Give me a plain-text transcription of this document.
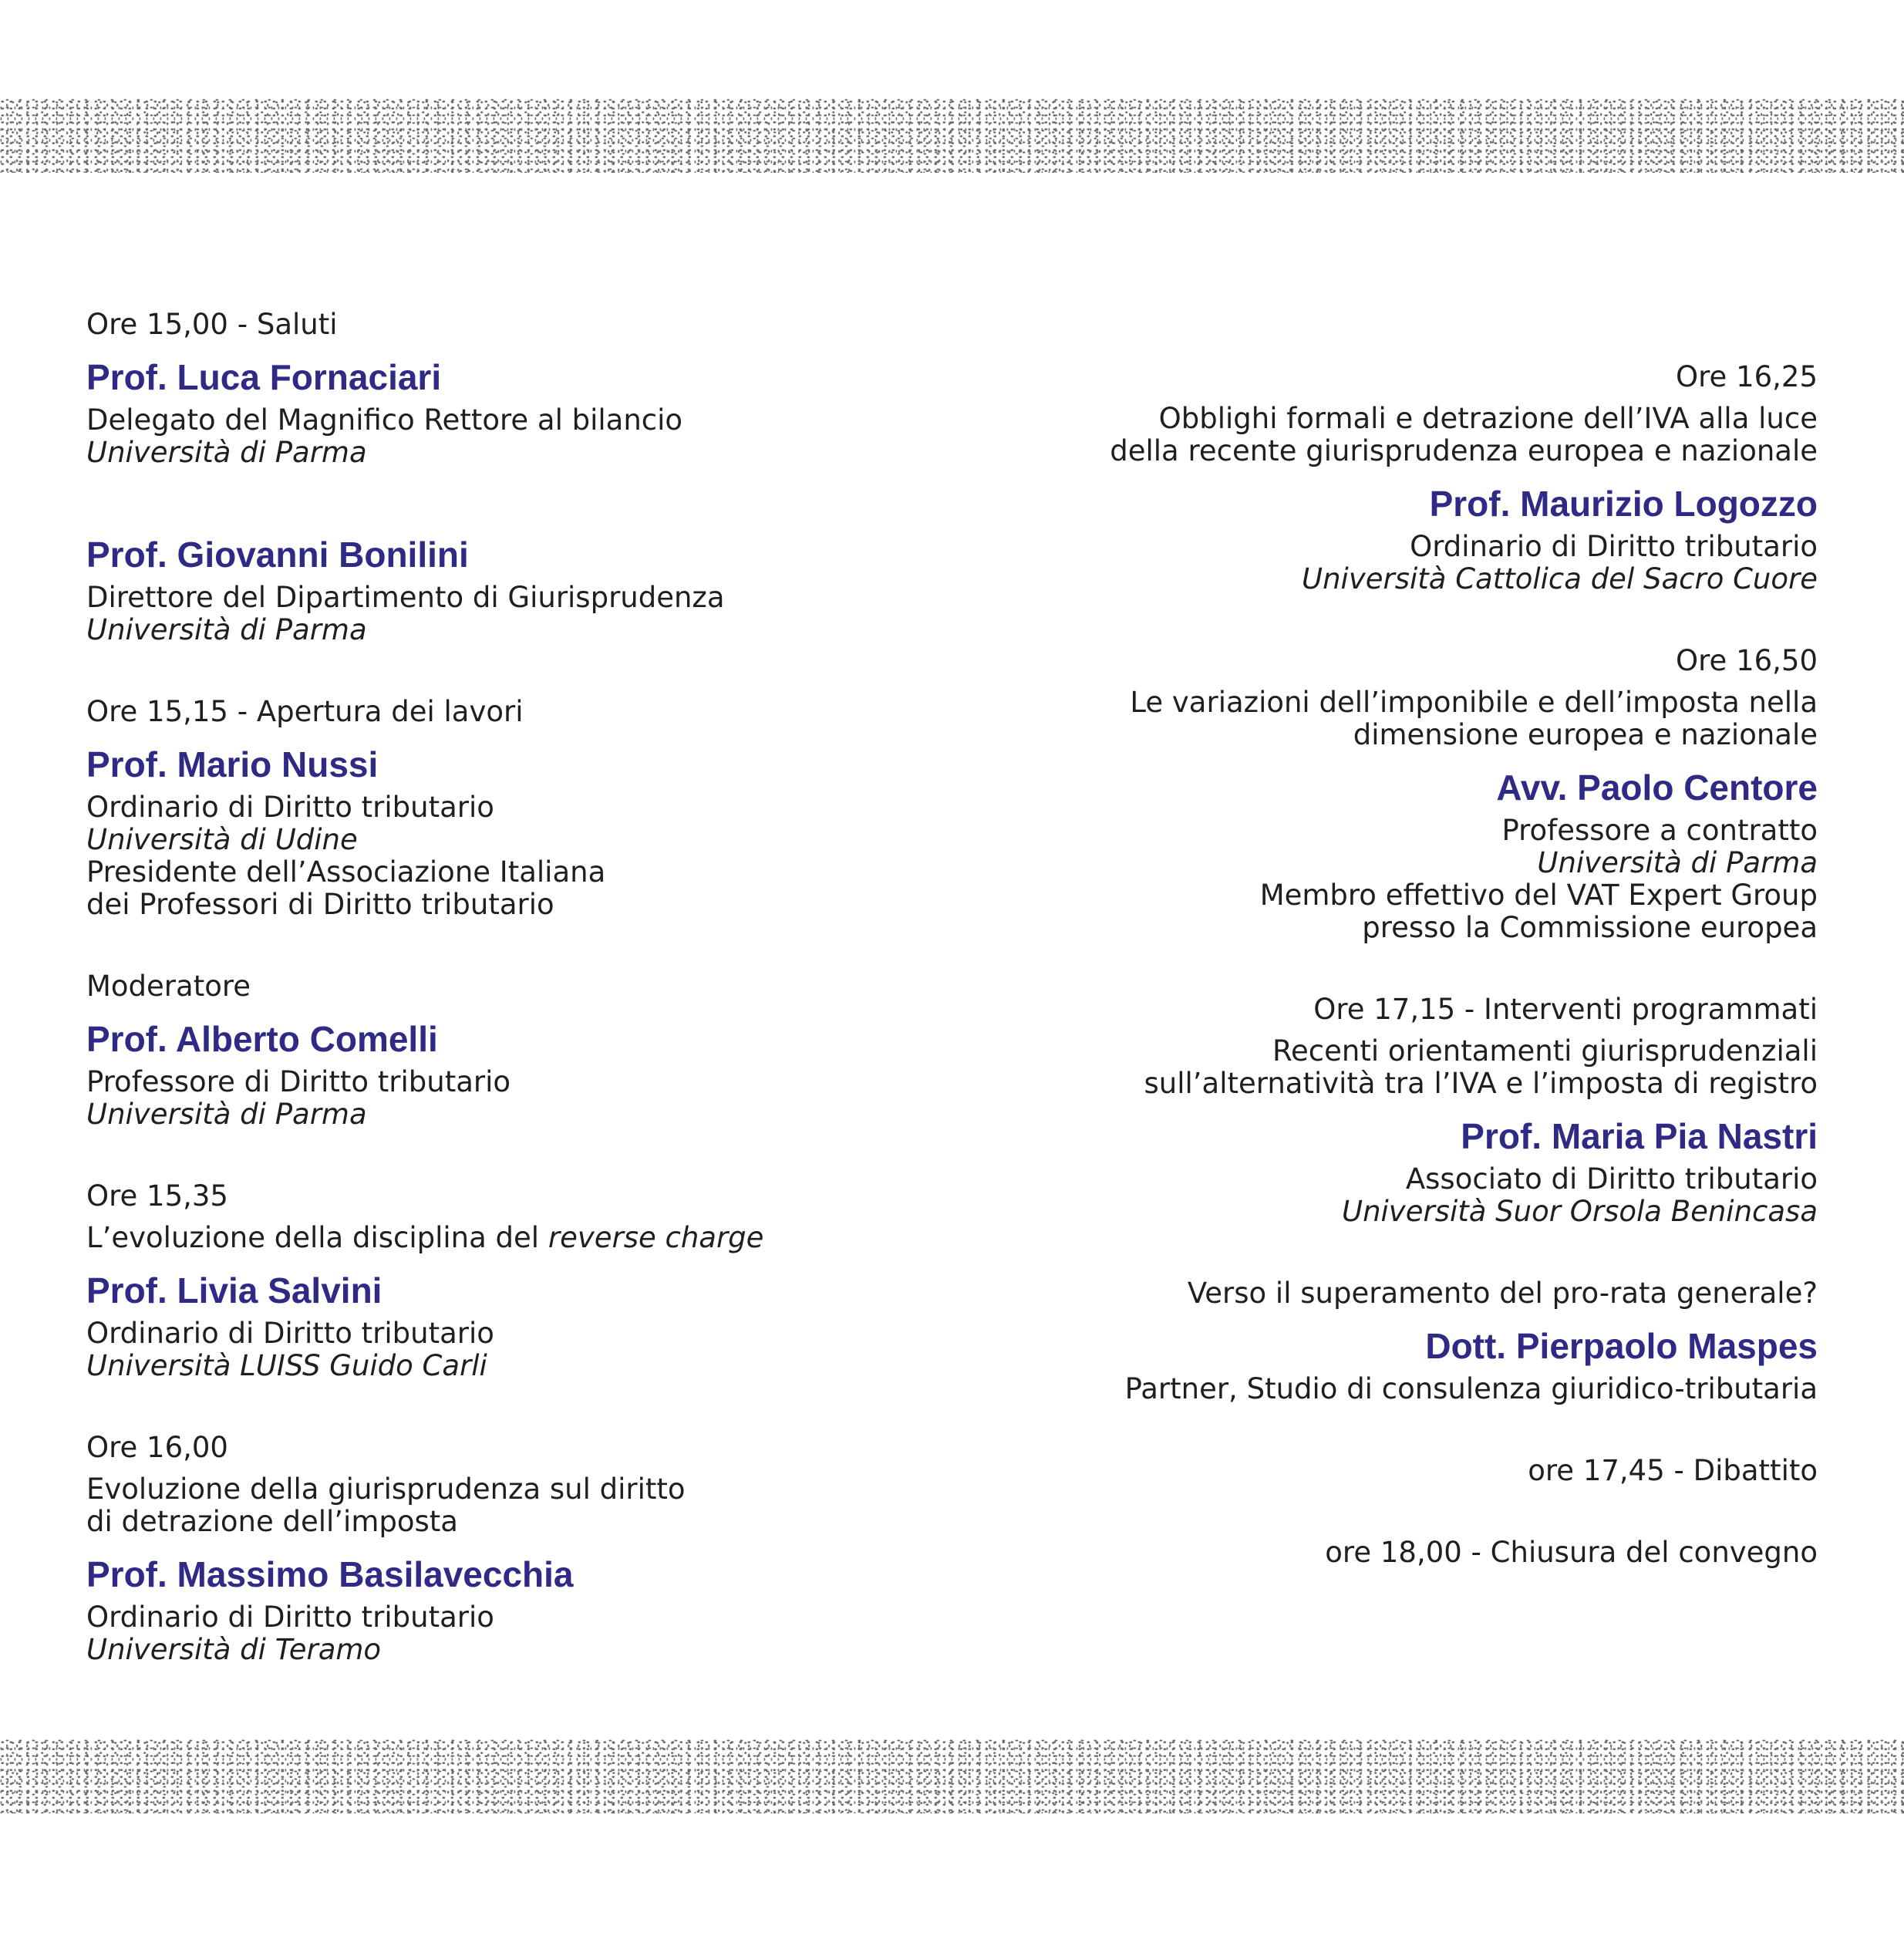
Ore 15,00 - Saluti

Prof. Luca Fornaciari

Delegato del Magnifico Rettore al bilancio

Università di Parma

Prof. Giovanni Bonilini

Direttore del Dipartimento di Giurisprudenza

Università di Parma

Ore 15,15 - Apertura dei lavori

Prof. Mario Nussi

Ordinario di Diritto tributario

Università di Udine

Presidente dell’Associazione Italiana

dei Professori di Diritto tributario

Moderatore

Prof. Alberto Comelli

Professore di Diritto tributario

Università di Parma

Ore 15,35

L’evoluzione della disciplina del reverse charge

Prof. Livia Salvini

Ordinario di Diritto tributario

Università LUISS Guido Carli

Ore 16,00

Evoluzione della giurisprudenza sul diritto

di detrazione dell’imposta

Prof. Massimo Basilavecchia

Ordinario di Diritto tributario

Università di Teramo

Ore 16,25

Obblighi formali e detrazione dell’IVA alla luce

della recente giurisprudenza europea e nazionale

Prof. Maurizio Logozzo

Ordinario di Diritto tributario

Università Cattolica del Sacro Cuore

Ore 16,50

Le variazioni dell’imponibile e dell’imposta nella

dimensione europea e nazionale

Avv. Paolo Centore

Professore a contratto

Università di Parma

Membro effettivo del VAT Expert Group

presso la Commissione europea

Ore 17,15 - Interventi programmati

Recenti orientamenti giurisprudenziali

sull’alternatività tra l’IVA e l’imposta di registro

Prof. Maria Pia Nastri

Associato di Diritto tributario

Università Suor Orsola Benincasa

Verso il superamento del pro-rata generale?

Dott. Pierpaolo Maspes

Partner, Studio di consulenza giuridico-tributaria

ore 17,45 - Dibattito

ore 18,00 - Chiusura del convegno
